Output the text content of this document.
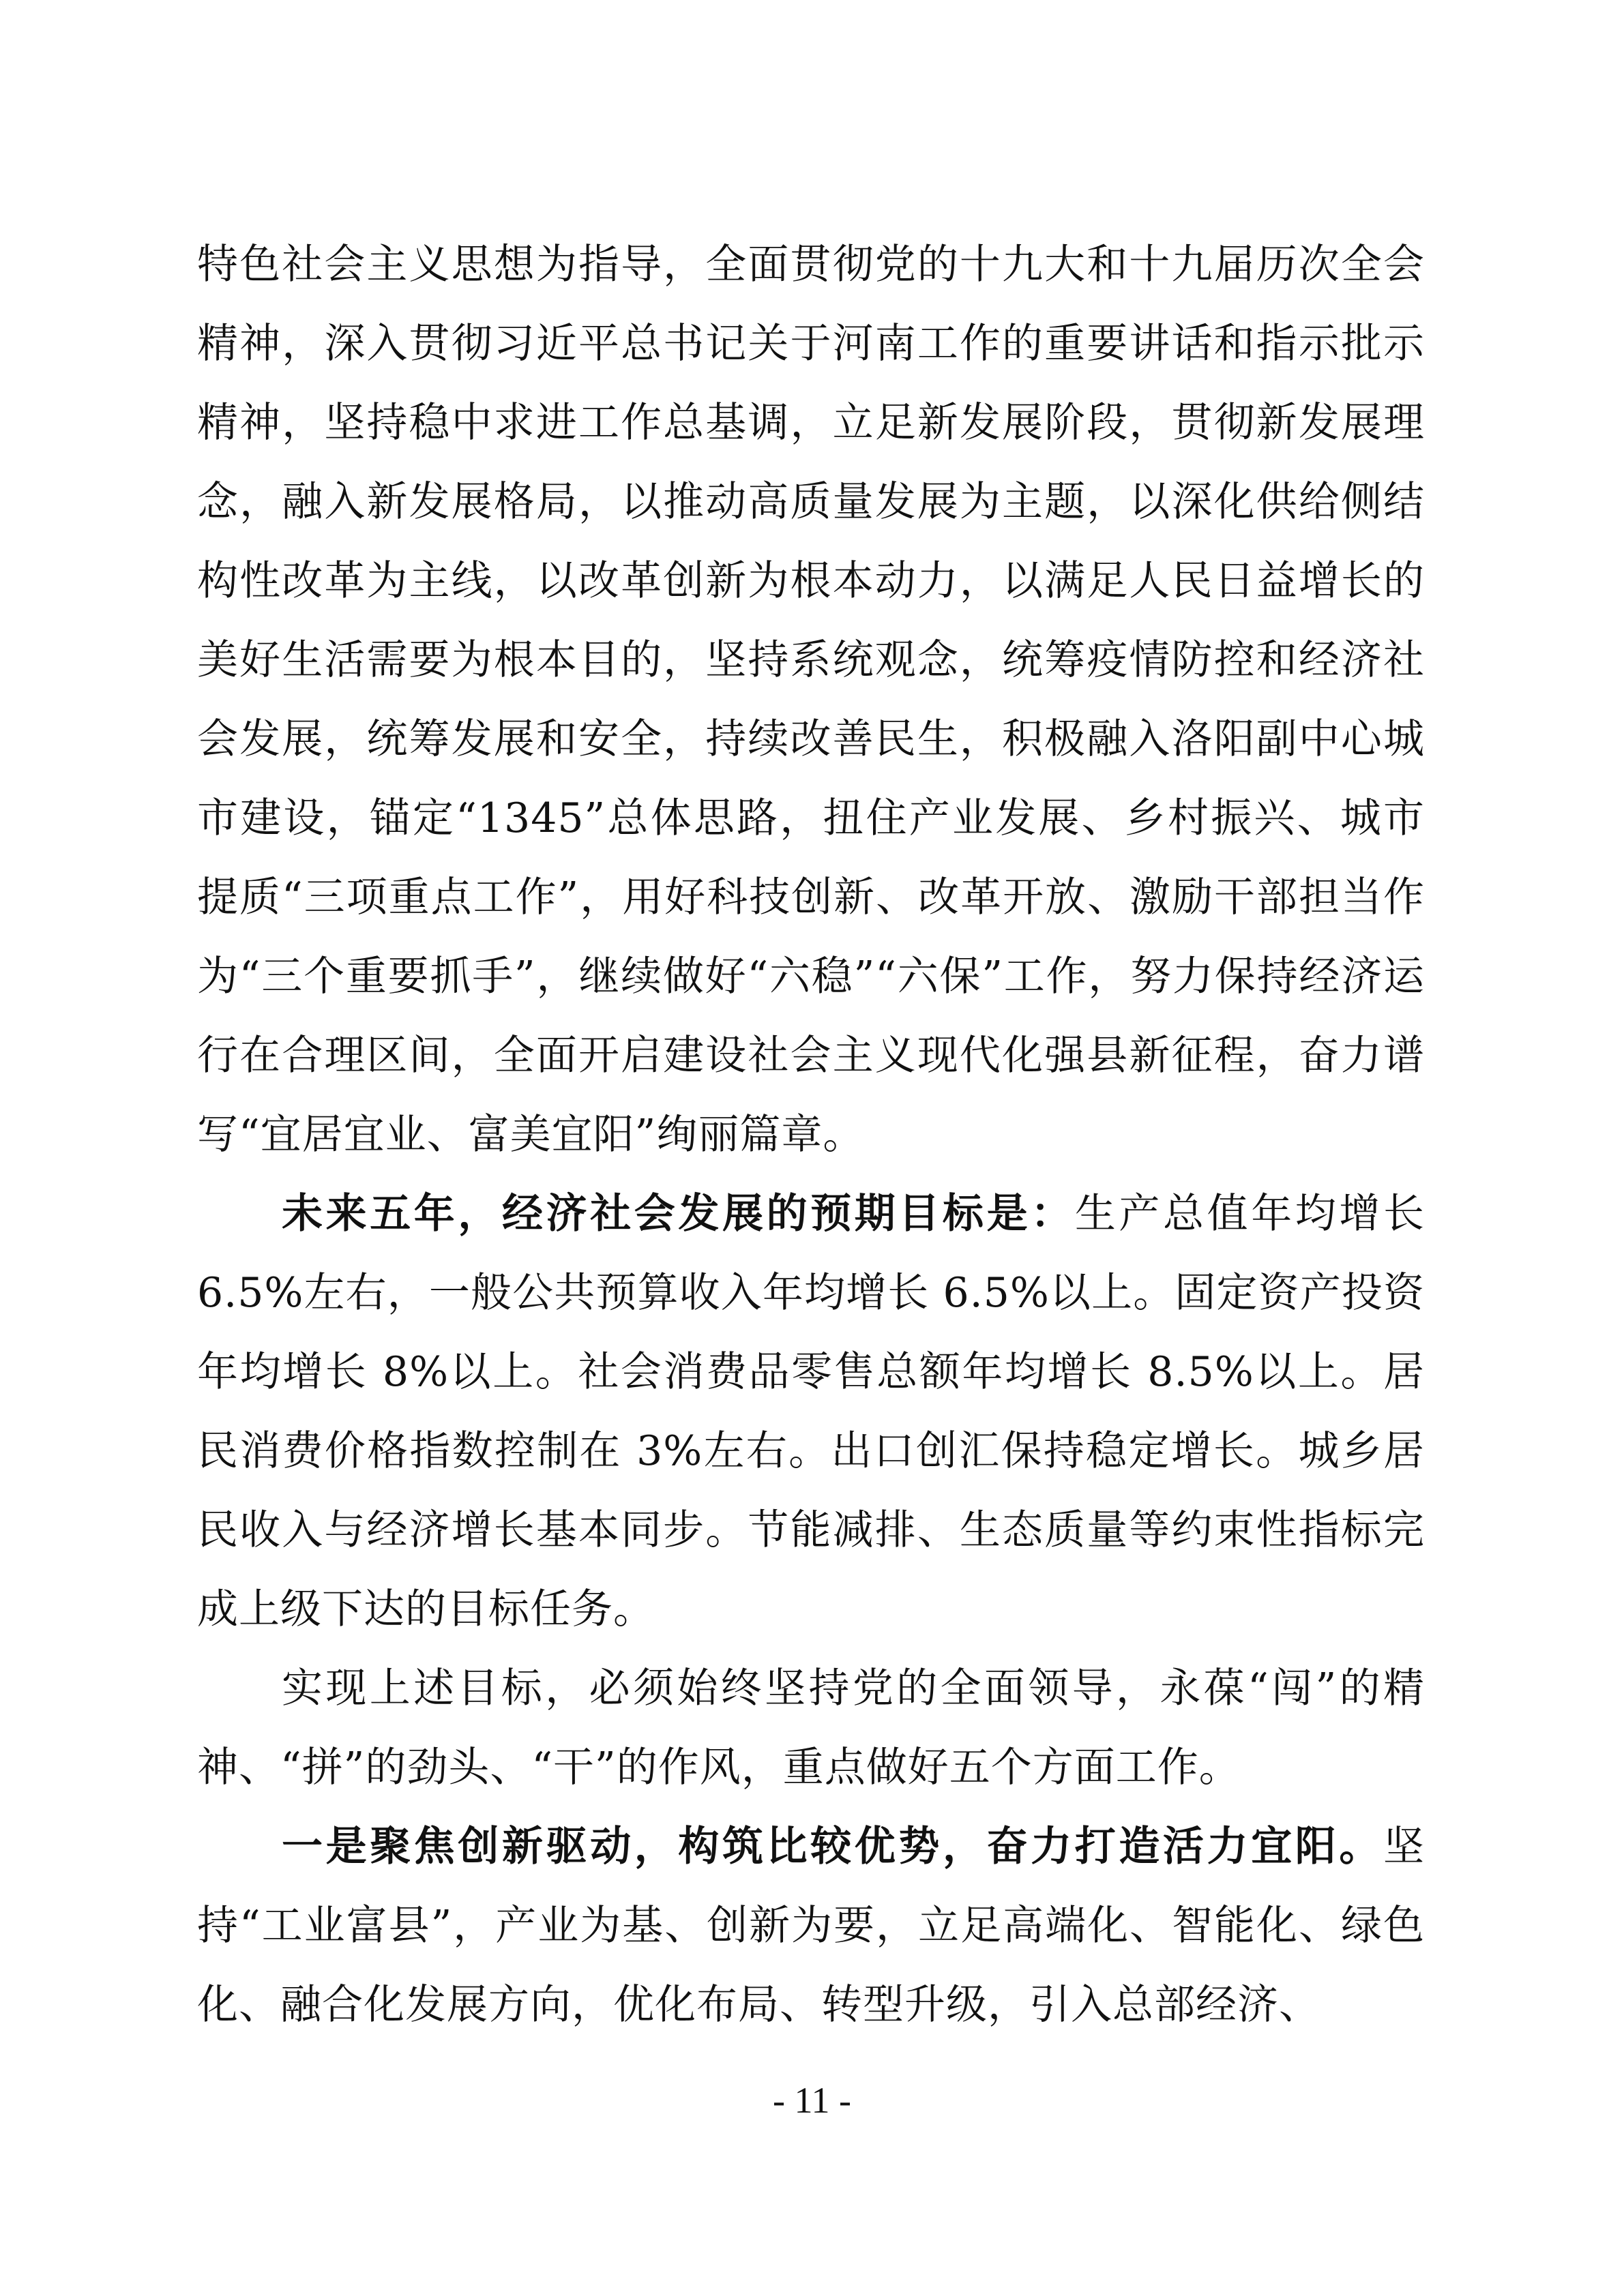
特色社会主义思想为指导，全面贯彻党的十九大和十九届历次全会精神，深入贯彻习近平总书记关于河南工作的重要讲话和指示批示精神，坚持稳中求进工作总基调，立足新发展阶段，贯彻新发展理念，融入新发展格局，以推动高质量发展为主题，以深化供给侧结构性改革为主线，以改革创新为根本动力，以满足人民日益增长的美好生活需要为根本目的，坚持系统观念，统筹疫情防控和经济社会发展，统筹发展和安全，持续改善民生，积极融入洛阳副中心城市建设，锚定“1345”总体思路，扭住产业发展、乡村振兴、城市提质“三项重点工作”，用好科技创新、改革开放、激励干部担当作为“三个重要抓手”，继续做好“六稳”“六保”工作，努力保持经济运行在合理区间，全面开启建设社会主义现代化强县新征程，奋力谱写“宜居宜业、富美宜阳”绚丽篇章。

未来五年，经济社会发展的预期目标是：生产总值年均增长6.5%左右，一般公共预算收入年均增长 6.5%以上。固定资产投资年均增长 8%以上。社会消费品零售总额年均增长 8.5%以上。居民消费价格指数控制在 3%左右。出口创汇保持稳定增长。城乡居民收入与经济增长基本同步。节能减排、生态质量等约束性指标完成上级下达的目标任务。

实现上述目标，必须始终坚持党的全面领导，永葆“闯”的精神、“拼”的劲头、“干”的作风，重点做好五个方面工作。

一是聚焦创新驱动，构筑比较优势，奋力打造活力宜阳。坚持“工业富县”，产业为基、创新为要，立足高端化、智能化、绿色化、融合化发展方向，优化布局、转型升级，引入总部经济、

- 11 -
